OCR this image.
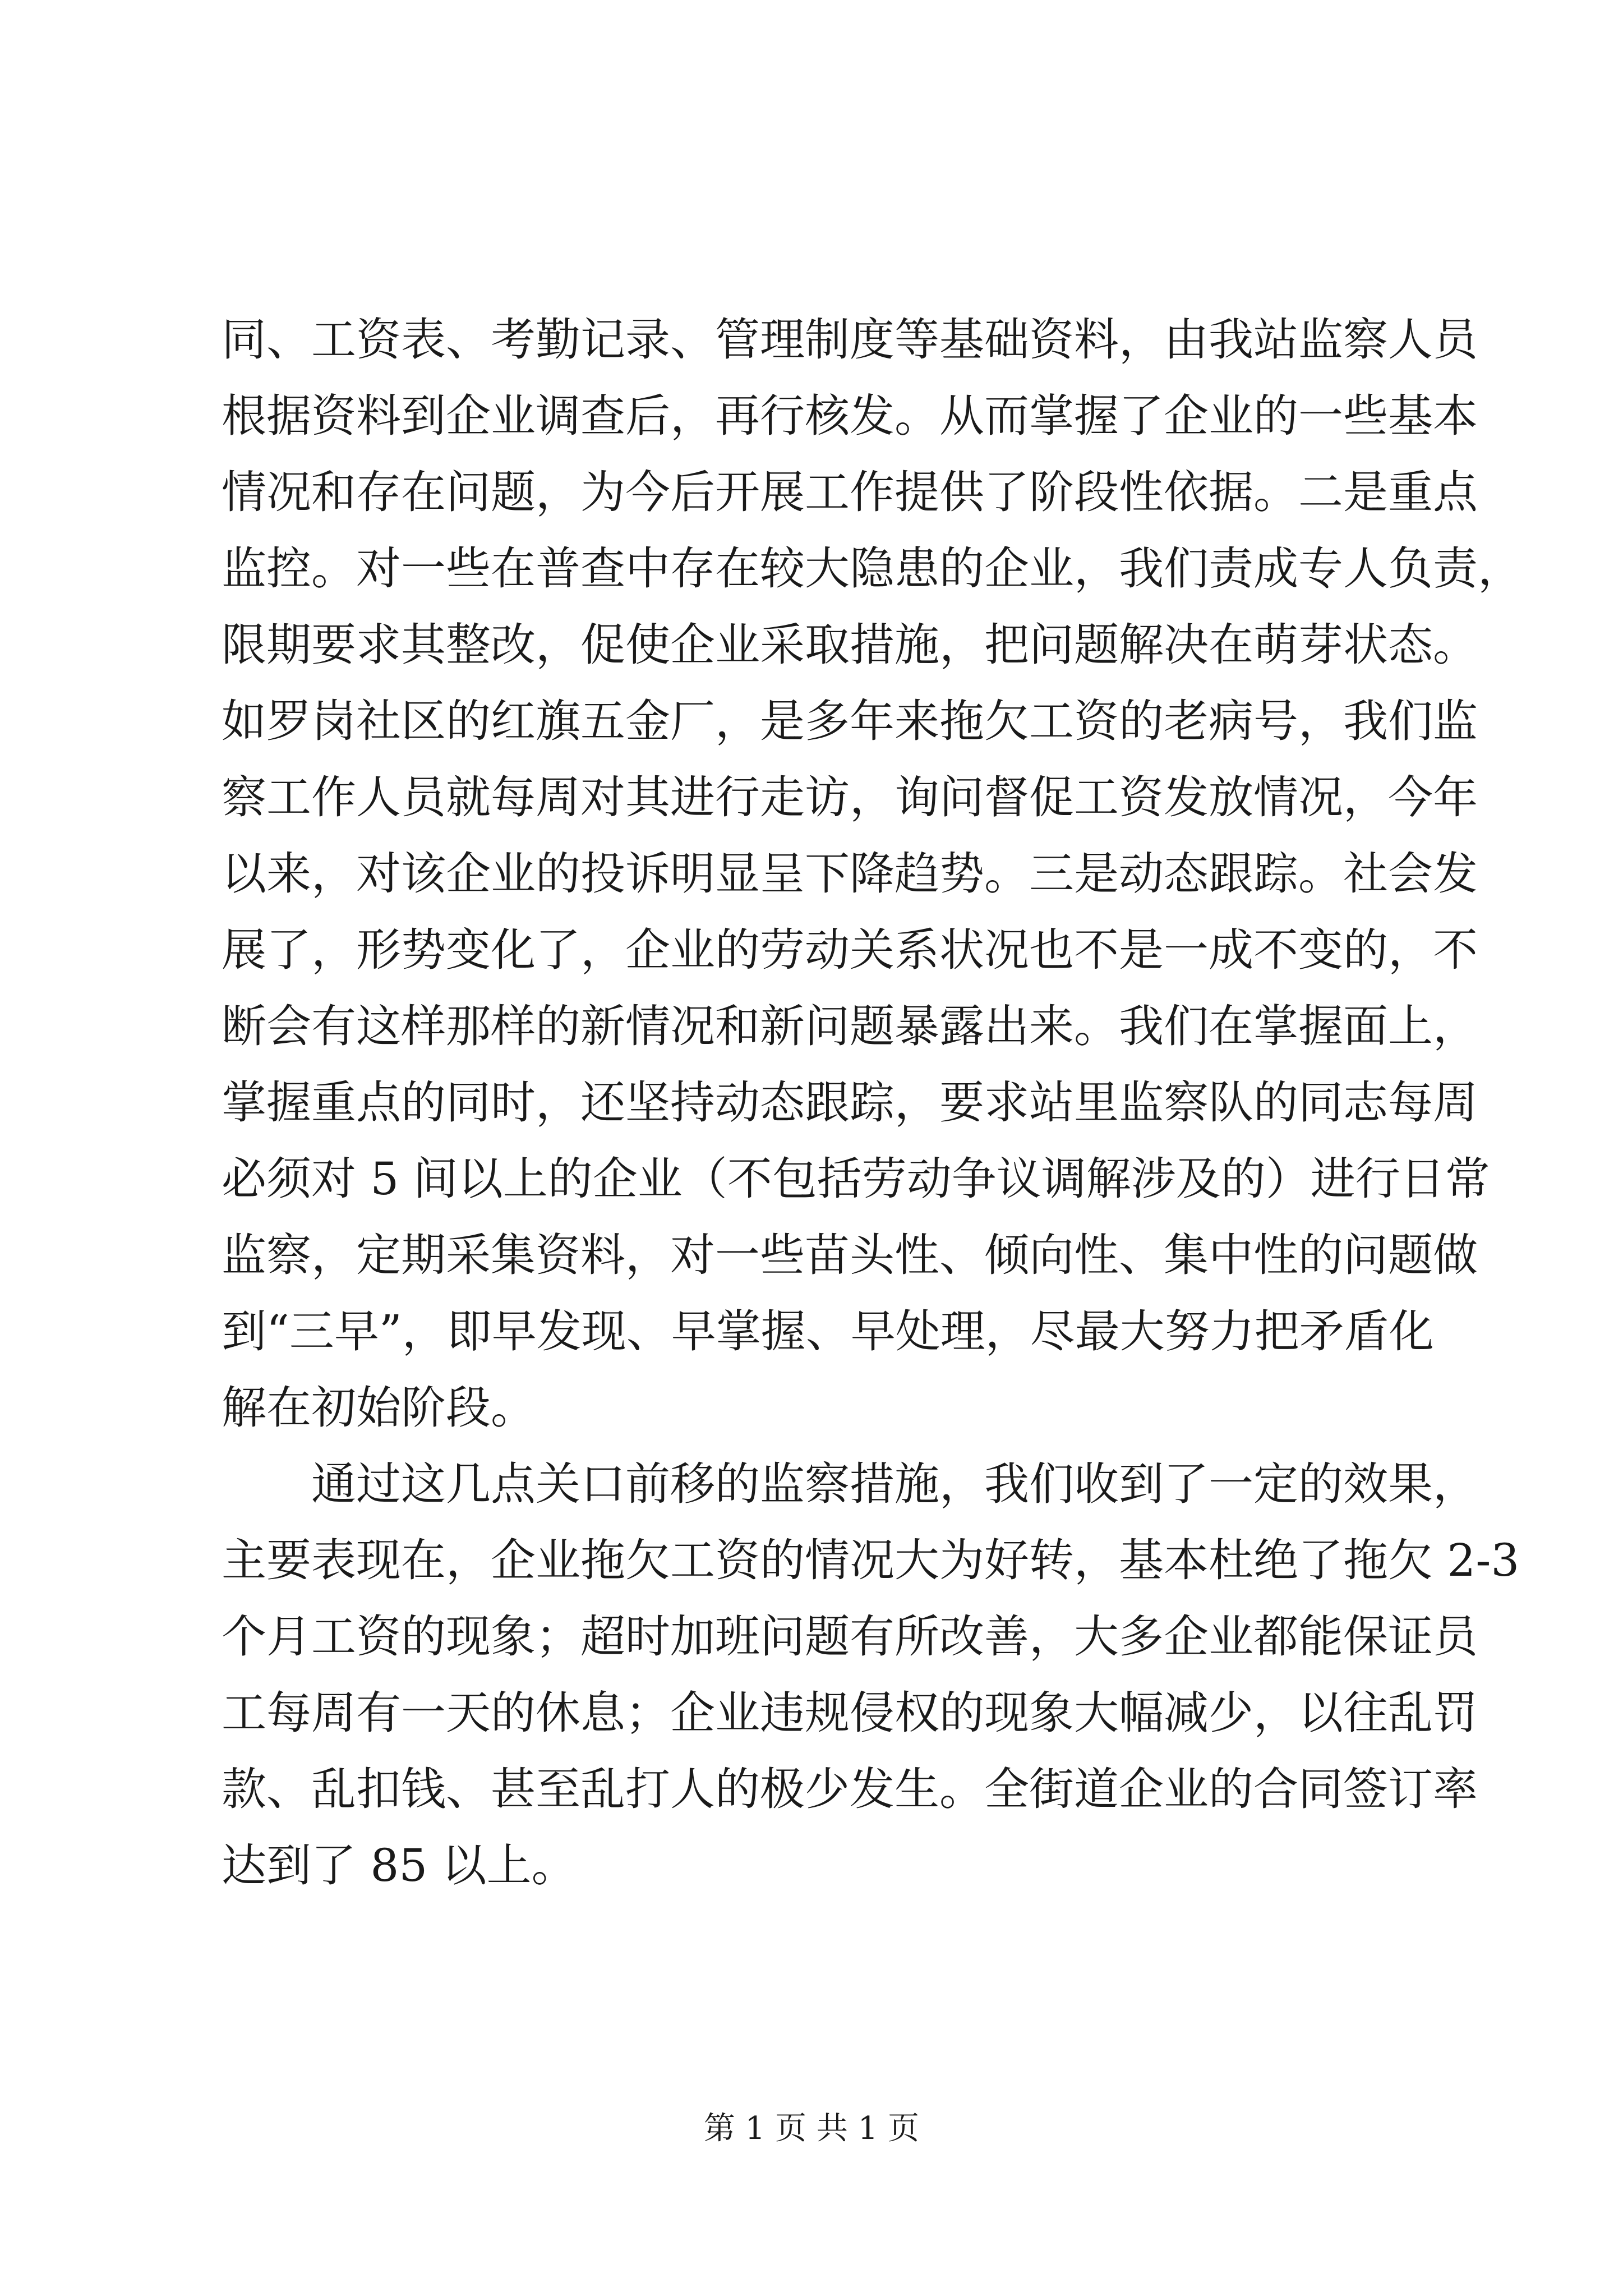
同、工资表、考勤记录、管理制度等基础资料，由我站监察人员
根据资料到企业调查后，再行核发。从而掌握了企业的一些基本
情况和存在问题，为今后开展工作提供了阶段性依据。二是重点
监控。对一些在普查中存在较大隐患的企业，我们责成专人负责，
限期要求其整改，促使企业采取措施，把问题解决在萌芽状态。
如罗岗社区的红旗五金厂，是多年来拖欠工资的老病号，我们监
察工作人员就每周对其进行走访，询问督促工资发放情况，今年
以来，对该企业的投诉明显呈下降趋势。三是动态跟踪。社会发
展了，形势变化了，企业的劳动关系状况也不是一成不变的，不
断会有这样那样的新情况和新问题暴露出来。我们在掌握面上，
掌握重点的同时，还坚持动态跟踪，要求站里监察队的同志每周
必须对 5 间以上的企业（不包括劳动争议调解涉及的）进行日常
监察，定期采集资料，对一些苗头性、倾向性、集中性的问题做
到“三早”，即早发现、早掌握、早处理，尽最大努力把矛盾化
解在初始阶段。
通过这几点关口前移的监察措施，我们收到了一定的效果，
主要表现在，企业拖欠工资的情况大为好转，基本杜绝了拖欠 2-3
个月工资的现象；超时加班问题有所改善，大多企业都能保证员
工每周有一天的休息；企业违规侵权的现象大幅减少，以往乱罚
款、乱扣钱、甚至乱打人的极少发生。全街道企业的合同签订率
达到了 85 以上。
第 1 页 共 1 页
